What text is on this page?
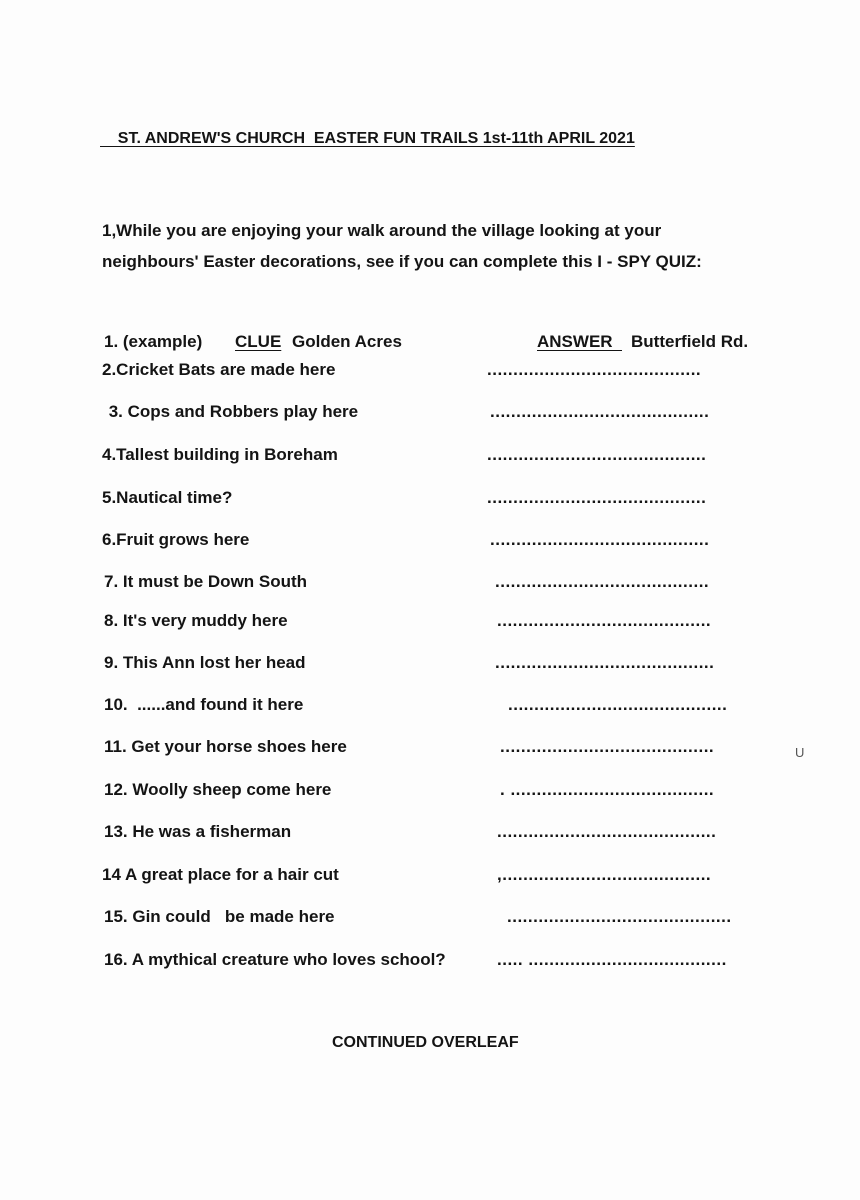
ST. ANDREW'S CHURCH  EASTER FUN TRAILS 1st-11th APRIL 2021
1,While you are enjoying your walk around the village looking at your neighbours' Easter decorations, see if you can complete this I - SPY QUIZ:
1. (example) CLUE Golden Acres	ANSWER Butterfield Rd.
2.Cricket Bats are made here	.........................................
3. Cops and Robbers play here	..........................................
4.Tallest building in Boreham	..........................................
5.Nautical time?	..........................................
6.Fruit grows here	..........................................
7. It must be Down South	.........................................
8. It's very muddy here	.........................................
9. This Ann lost her head	..........................................
10.  ......and found it here	..........................................
11. Get your horse shoes here	.........................................
12. Woolly sheep come here	. .......................................
13. He was a fisherman	..........................................
14 A great place for a hair cut	,........................................
15. Gin could   be made here	...........................................
16. A mythical creature who loves school?	..... ......................................
U
CONTINUED OVERLEAF
